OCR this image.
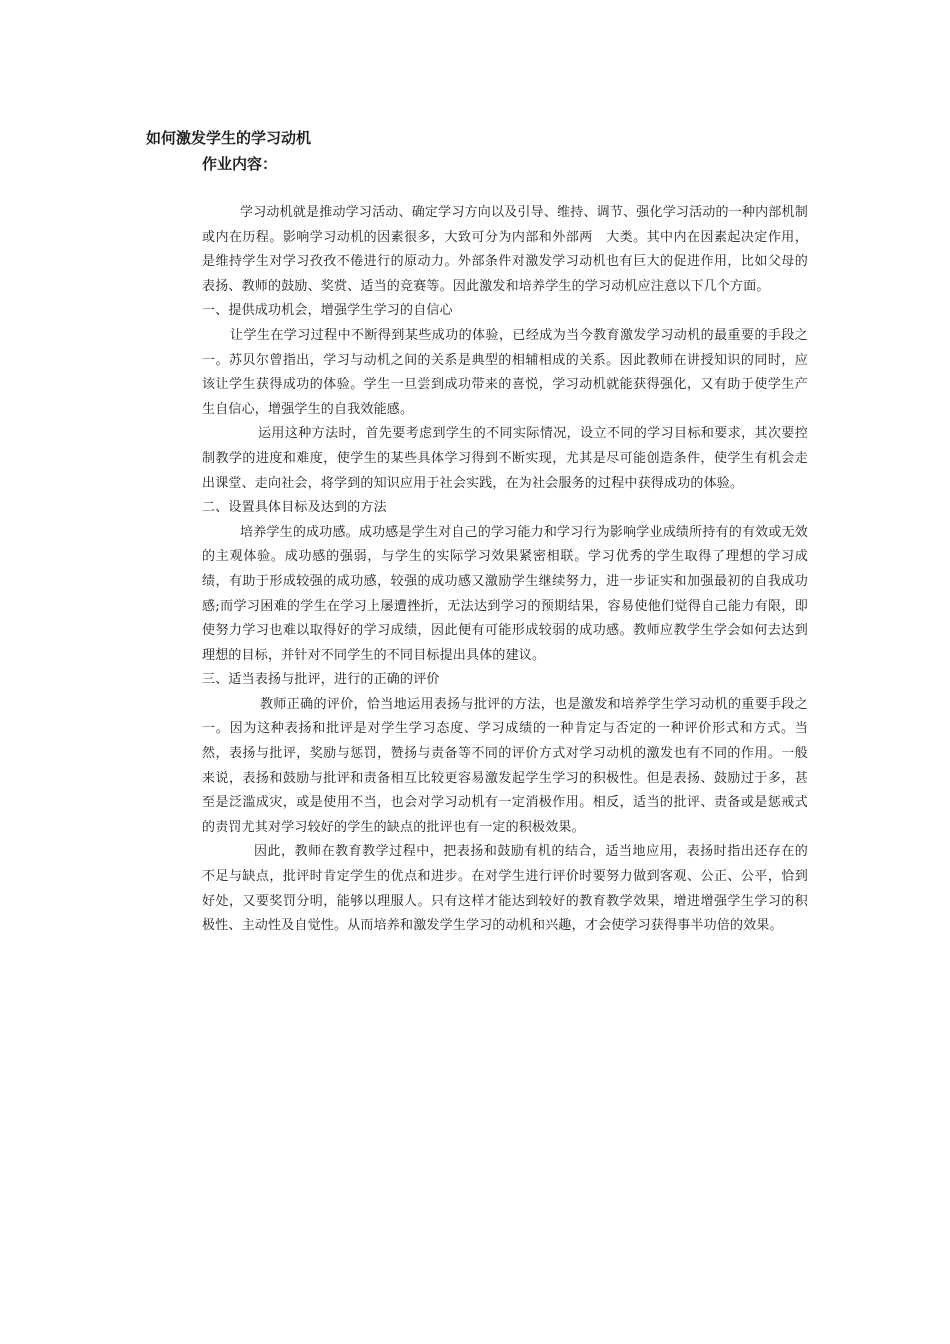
如何激发学生的学习动机
作业内容：

学习动机就是推动学习活动、确定学习方向以及引导、维持、调节、强化学习活动的一种内部机制或内在历程。影响学习动机的因素很多，大致可分为内部和外部两　大类。其中内在因素起决定作用，是维持学生对学习孜孜不倦进行的原动力。外部条件对激发学习动机也有巨大的促进作用，比如父母的表扬、教师的鼓励、奖赏、适当的竞赛等。因此激发和培养学生的学习动机应注意以下几个方面。

一、提供成功机会，增强学生学习的自信心

让学生在学习过程中不断得到某些成功的体验，已经成为当今教育激发学习动机的最重要的手段之一。苏贝尔曾指出，学习与动机之间的关系是典型的相辅相成的关系。因此教师在讲授知识的同时，应该让学生获得成功的体验。学生一旦尝到成功带来的喜悦，学习动机就能获得强化，又有助于使学生产生自信心，增强学生的自我效能感。

运用这种方法时，首先要考虑到学生的不同实际情况，设立不同的学习目标和要求，其次要控制教学的进度和难度，使学生的某些具体学习得到不断实现，尤其是尽可能创造条件，使学生有机会走出课堂、走向社会，将学到的知识应用于社会实践，在为社会服务的过程中获得成功的体验。

二、设置具体目标及达到的方法

培养学生的成功感。成功感是学生对自己的学习能力和学习行为影响学业成绩所持有的有效或无效的主观体验。成功感的强弱，与学生的实际学习效果紧密相联。学习优秀的学生取得了理想的学习成绩，有助于形成较强的成功感，较强的成功感又激励学生继续努力，进一步证实和加强最初的自我成功感;而学习困难的学生在学习上屡遭挫折，无法达到学习的预期结果，容易使他们觉得自己能力有限，即使努力学习也难以取得好的学习成绩，因此便有可能形成较弱的成功感。教师应教学生学会如何去达到理想的目标，并针对不同学生的不同目标提出具体的建议。

三、适当表扬与批评，进行的正确的评价

教师正确的评价，恰当地运用表扬与批评的方法，也是激发和培养学生学习动机的重要手段之一。因为这种表扬和批评是对学生学习态度、学习成绩的一种肯定与否定的一种评价形式和方式。当然，表扬与批评，奖励与惩罚，赞扬与责备等不同的评价方式对学习动机的激发也有不同的作用。一般来说，表扬和鼓励与批评和责备相互比较更容易激发起学生学习的积极性。但是表扬、鼓励过于多，甚至是泛滥成灾，或是使用不当，也会对学习动机有一定消极作用。相反，适当的批评、责备或是惩戒式的责罚尤其对学习较好的学生的缺点的批评也有一定的积极效果。

因此，教师在教育教学过程中，把表扬和鼓励有机的结合，适当地应用，表扬时指出还存在的不足与缺点，批评时肯定学生的优点和进步。在对学生进行评价时要努力做到客观、公正、公平，恰到好处，又要奖罚分明，能够以理服人。只有这样才能达到较好的教育教学效果，增进增强学生学习的积极性、主动性及自觉性。从而培养和激发学生学习的动机和兴趣，才会使学习获得事半功倍的效果。
